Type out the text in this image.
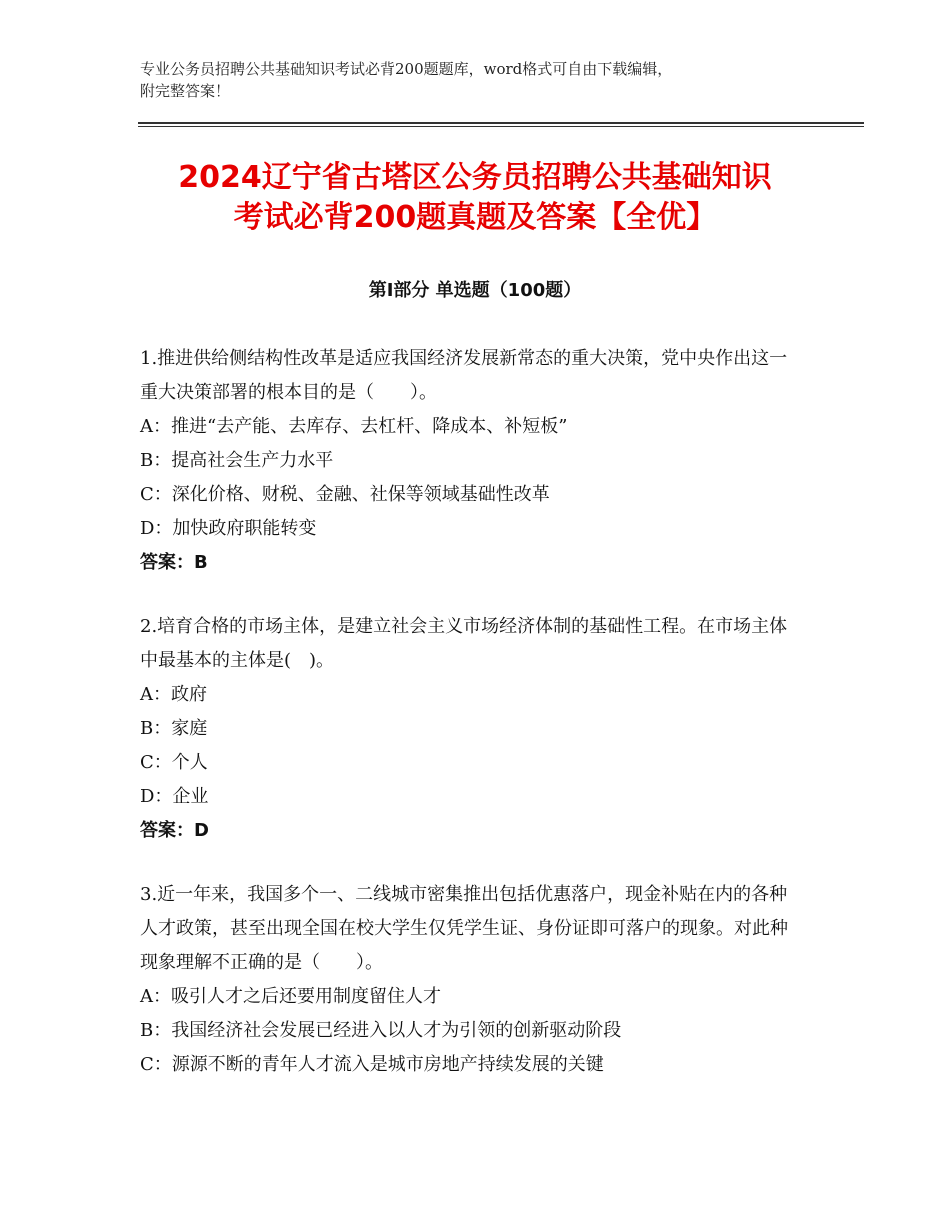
专业公务员招聘公共基础知识考试必背200题题库，word格式可自由下载编辑，
附完整答案！
2024辽宁省古塔区公务员招聘公共基础知识
考试必背200题真题及答案【全优】
第Ⅰ部分 单选题（100题）
1.推进供给侧结构性改革是适应我国经济发展新常态的重大决策，党中央作出这一重大决策部署的根本目的是（　　）。
A：推进“去产能、去库存、去杠杆、降成本、补短板”
B：提高社会生产力水平
C：深化价格、财税、金融、社保等领域基础性改革
D：加快政府职能转变
答案：B
2.培育合格的市场主体，是建立社会主义市场经济体制的基础性工程。在市场主体中最基本的主体是(　)。
A：政府
B：家庭
C：个人
D：企业
答案：D
3.近一年来，我国多个一、二线城市密集推出包括优惠落户，现金补贴在内的各种人才政策，甚至出现全国在校大学生仅凭学生证、身份证即可落户的现象。对此种现象理解不正确的是（　　）。
A：吸引人才之后还要用制度留住人才
B：我国经济社会发展已经进入以人才为引领的创新驱动阶段
C：源源不断的青年人才流入是城市房地产持续发展的关键
